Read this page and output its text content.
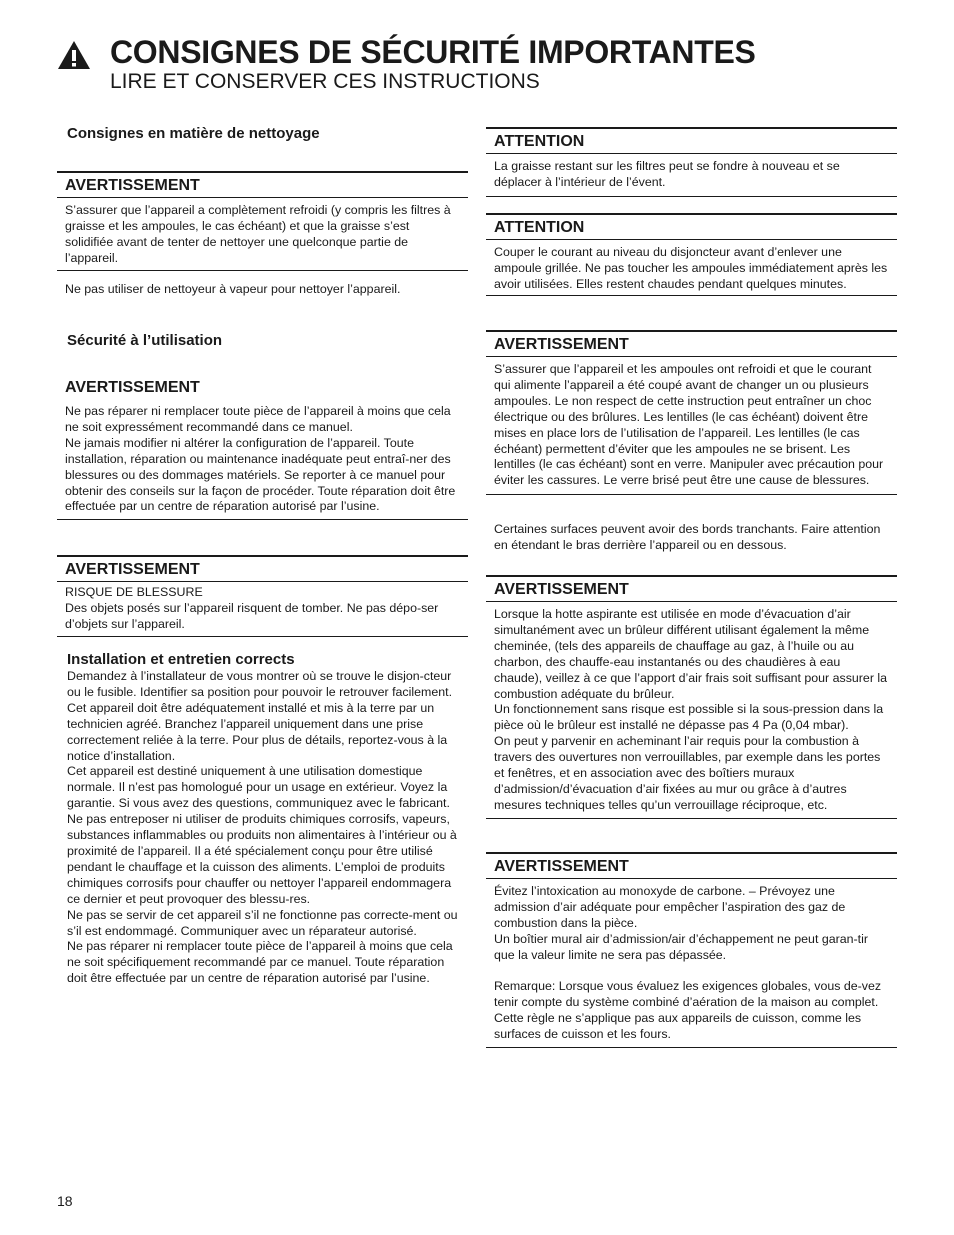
CONSIGNES DE SÉCURITÉ IMPORTANTES
LIRE ET CONSERVER CES INSTRUCTIONS
Consignes en matière de nettoyage
AVERTISSEMENT

S’assurer que l’appareil a complètement refroidi (y compris les filtres à graisse et les ampoules, le cas échéant) et que la graisse s’est solidifiée avant de tenter de nettoyer une quelconque partie de l’appareil.

Ne pas utiliser de nettoyeur à vapeur pour nettoyer l’appareil.
Sécurité à l’utilisation
AVERTISSEMENT

Ne pas réparer ni remplacer toute pièce de l’appareil à moins que cela ne soit expressément recommandé dans ce manuel.

Ne jamais modifier ni altérer la configuration de l’appareil. Toute installation, réparation ou maintenance inadéquate peut entraî-ner des blessures ou des dommages matériels. Se reporter à ce manuel pour obtenir des conseils sur la façon de procéder. Toute réparation doit être effectuée par un centre de réparation autorisé par l’usine.

AVERTISSEMENT

RISQUE DE BLESSURE

Des objets posés sur l’appareil risquent de tomber. Ne pas dépo-ser d’objets sur l’appareil.

Installation et entretien corrects

Demandez à l’installateur de vous montrer où se trouve le disjon-cteur ou le fusible. Identifier sa position pour pouvoir le retrouver facilement.

Cet appareil doit être adéquatement installé et mis à la terre par un technicien agréé. Branchez l’appareil uniquement dans une prise correctement reliée à la terre. Pour plus de détails, reportez-vous à la notice d’installation.

Cet appareil est destiné uniquement à une utilisation domestique normale. Il n’est pas homologué pour un usage en extérieur. Voyez la garantie. Si vous avez des questions, communiquez avec le fabricant.

Ne pas entreposer ni utiliser de produits chimiques corrosifs, vapeurs, substances inflammables ou produits non alimentaires à l’intérieur ou à proximité de l’appareil. Il a été spécialement conçu pour être utilisé pendant le chauffage et la cuisson des aliments. L’emploi de produits chimiques corrosifs pour chauffer ou nettoyer l’appareil endommagera ce dernier et peut provoquer des blessu-res.

Ne pas se servir de cet appareil s’il ne fonctionne pas correcte-ment ou s’il est endommagé. Communiquer avec un réparateur autorisé.

Ne pas réparer ni remplacer toute pièce de l’appareil à moins que cela ne soit spécifiquement recommandé par ce manuel. Toute réparation doit être effectuée par un centre de réparation autorisé par l’usine.

ATTENTION

La graisse restant sur les filtres peut se fondre à nouveau et se déplacer à l’intérieur de l’évent.

ATTENTION

Couper le courant au niveau du disjoncteur avant d’enlever une ampoule grillée. Ne pas toucher les ampoules immédiatement après les avoir utilisées. Elles restent chaudes pendant quelques minutes.

AVERTISSEMENT

S’assurer que l’appareil et les ampoules ont refroidi et que le courant qui alimente l’appareil a été coupé avant de changer un ou plusieurs ampoules. Le non respect de cette instruction peut entraîner un choc électrique ou des brûlures. Les lentilles (le cas échéant) doivent être mises en place lors de l’utilisation de l’appareil. Les lentilles (le cas échéant) permettent d’éviter que les ampoules ne se brisent. Les lentilles (le cas échéant) sont en verre. Manipuler avec précaution pour éviter les cassures. Le verre brisé peut être une cause de blessures.

Certaines surfaces peuvent avoir des bords tranchants. Faire attention en étendant le bras derrière l’appareil ou en dessous.
AVERTISSEMENT

Lorsque la hotte aspirante est utilisée en mode d’évacuation d’air simultanément avec un brûleur différent utilisant également la même cheminée, (tels des appareils de chauffage au gaz, à l’huile ou au charbon, des chauffe-eau instantanés ou des chaudières à eau chaude), veillez à ce que l’apport d’air frais soit suffisant pour assurer la combustion adéquate du brûleur.

Un fonctionnement sans risque est possible si la sous-pression dans la pièce où le brûleur est installé ne dépasse pas 4 Pa (0,04 mbar).

On peut y parvenir en acheminant l’air requis pour la combustion à travers des ouvertures non verrouillables, par exemple dans les portes et fenêtres, et en association avec des boîtiers muraux d’admission/d’évacuation d’air fixées au mur ou grâce à d’autres mesures techniques telles qu’un verrouillage réciproque, etc.

AVERTISSEMENT

Évitez l’intoxication au monoxyde de carbone. – Prévoyez une admission d’air adéquate pour empêcher l’aspiration des gaz de combustion dans la pièce.

Un boîtier mural air d’admission/air d’échappement ne peut garan-tir que la valeur limite ne sera pas dépassée.

Remarque: Lorsque vous évaluez les exigences globales, vous de-vez tenir compte du système combiné d’aération de la maison au complet. Cette règle ne s’applique pas aux appareils de cuisson, comme les surfaces de cuisson et les fours.

18
